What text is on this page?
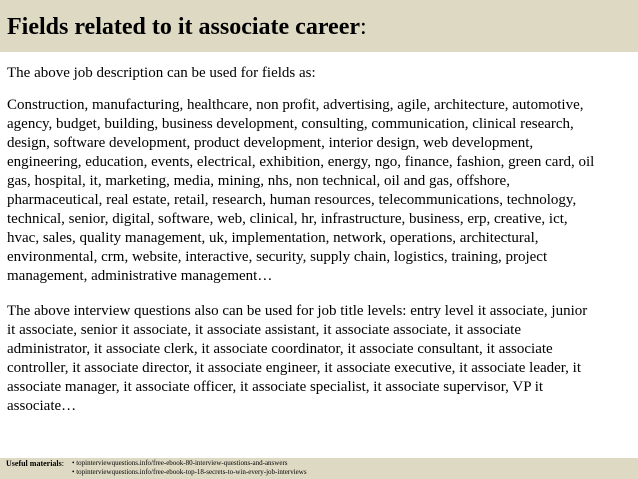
Fields related to it associate career:
The above job description can be used for fields as:
Construction, manufacturing, healthcare, non profit, advertising, agile, architecture, automotive,
agency, budget, building, business development, consulting, communication, clinical research,
design, software development, product development, interior design, web development,
engineering, education, events, electrical, exhibition, energy, ngo, finance, fashion, green card, oil
gas, hospital, it, marketing, media, mining, nhs, non technical, oil and gas, offshore,
pharmaceutical, real estate, retail, research, human resources, telecommunications, technology,
technical, senior, digital, software, web, clinical, hr, infrastructure, business, erp, creative, ict,
hvac, sales, quality management, uk, implementation, network, operations, architectural,
environmental, crm, website, interactive, security, supply chain, logistics, training, project
management, administrative management…
The above interview questions also can be used for job title levels: entry level it associate, junior
it associate, senior it associate, it associate assistant, it associate associate, it associate
administrator, it associate clerk, it associate coordinator, it associate consultant, it associate
controller, it associate director, it associate engineer, it associate executive, it associate leader, it
associate manager, it associate officer, it associate specialist, it associate supervisor, VP it
associate…
Useful materials: • topinterviewquestions.info/free-ebook-80-interview-questions-and-answers
• topinterviewquestions.info/free-ebook-top-18-secrets-to-win-every-job-interviews
